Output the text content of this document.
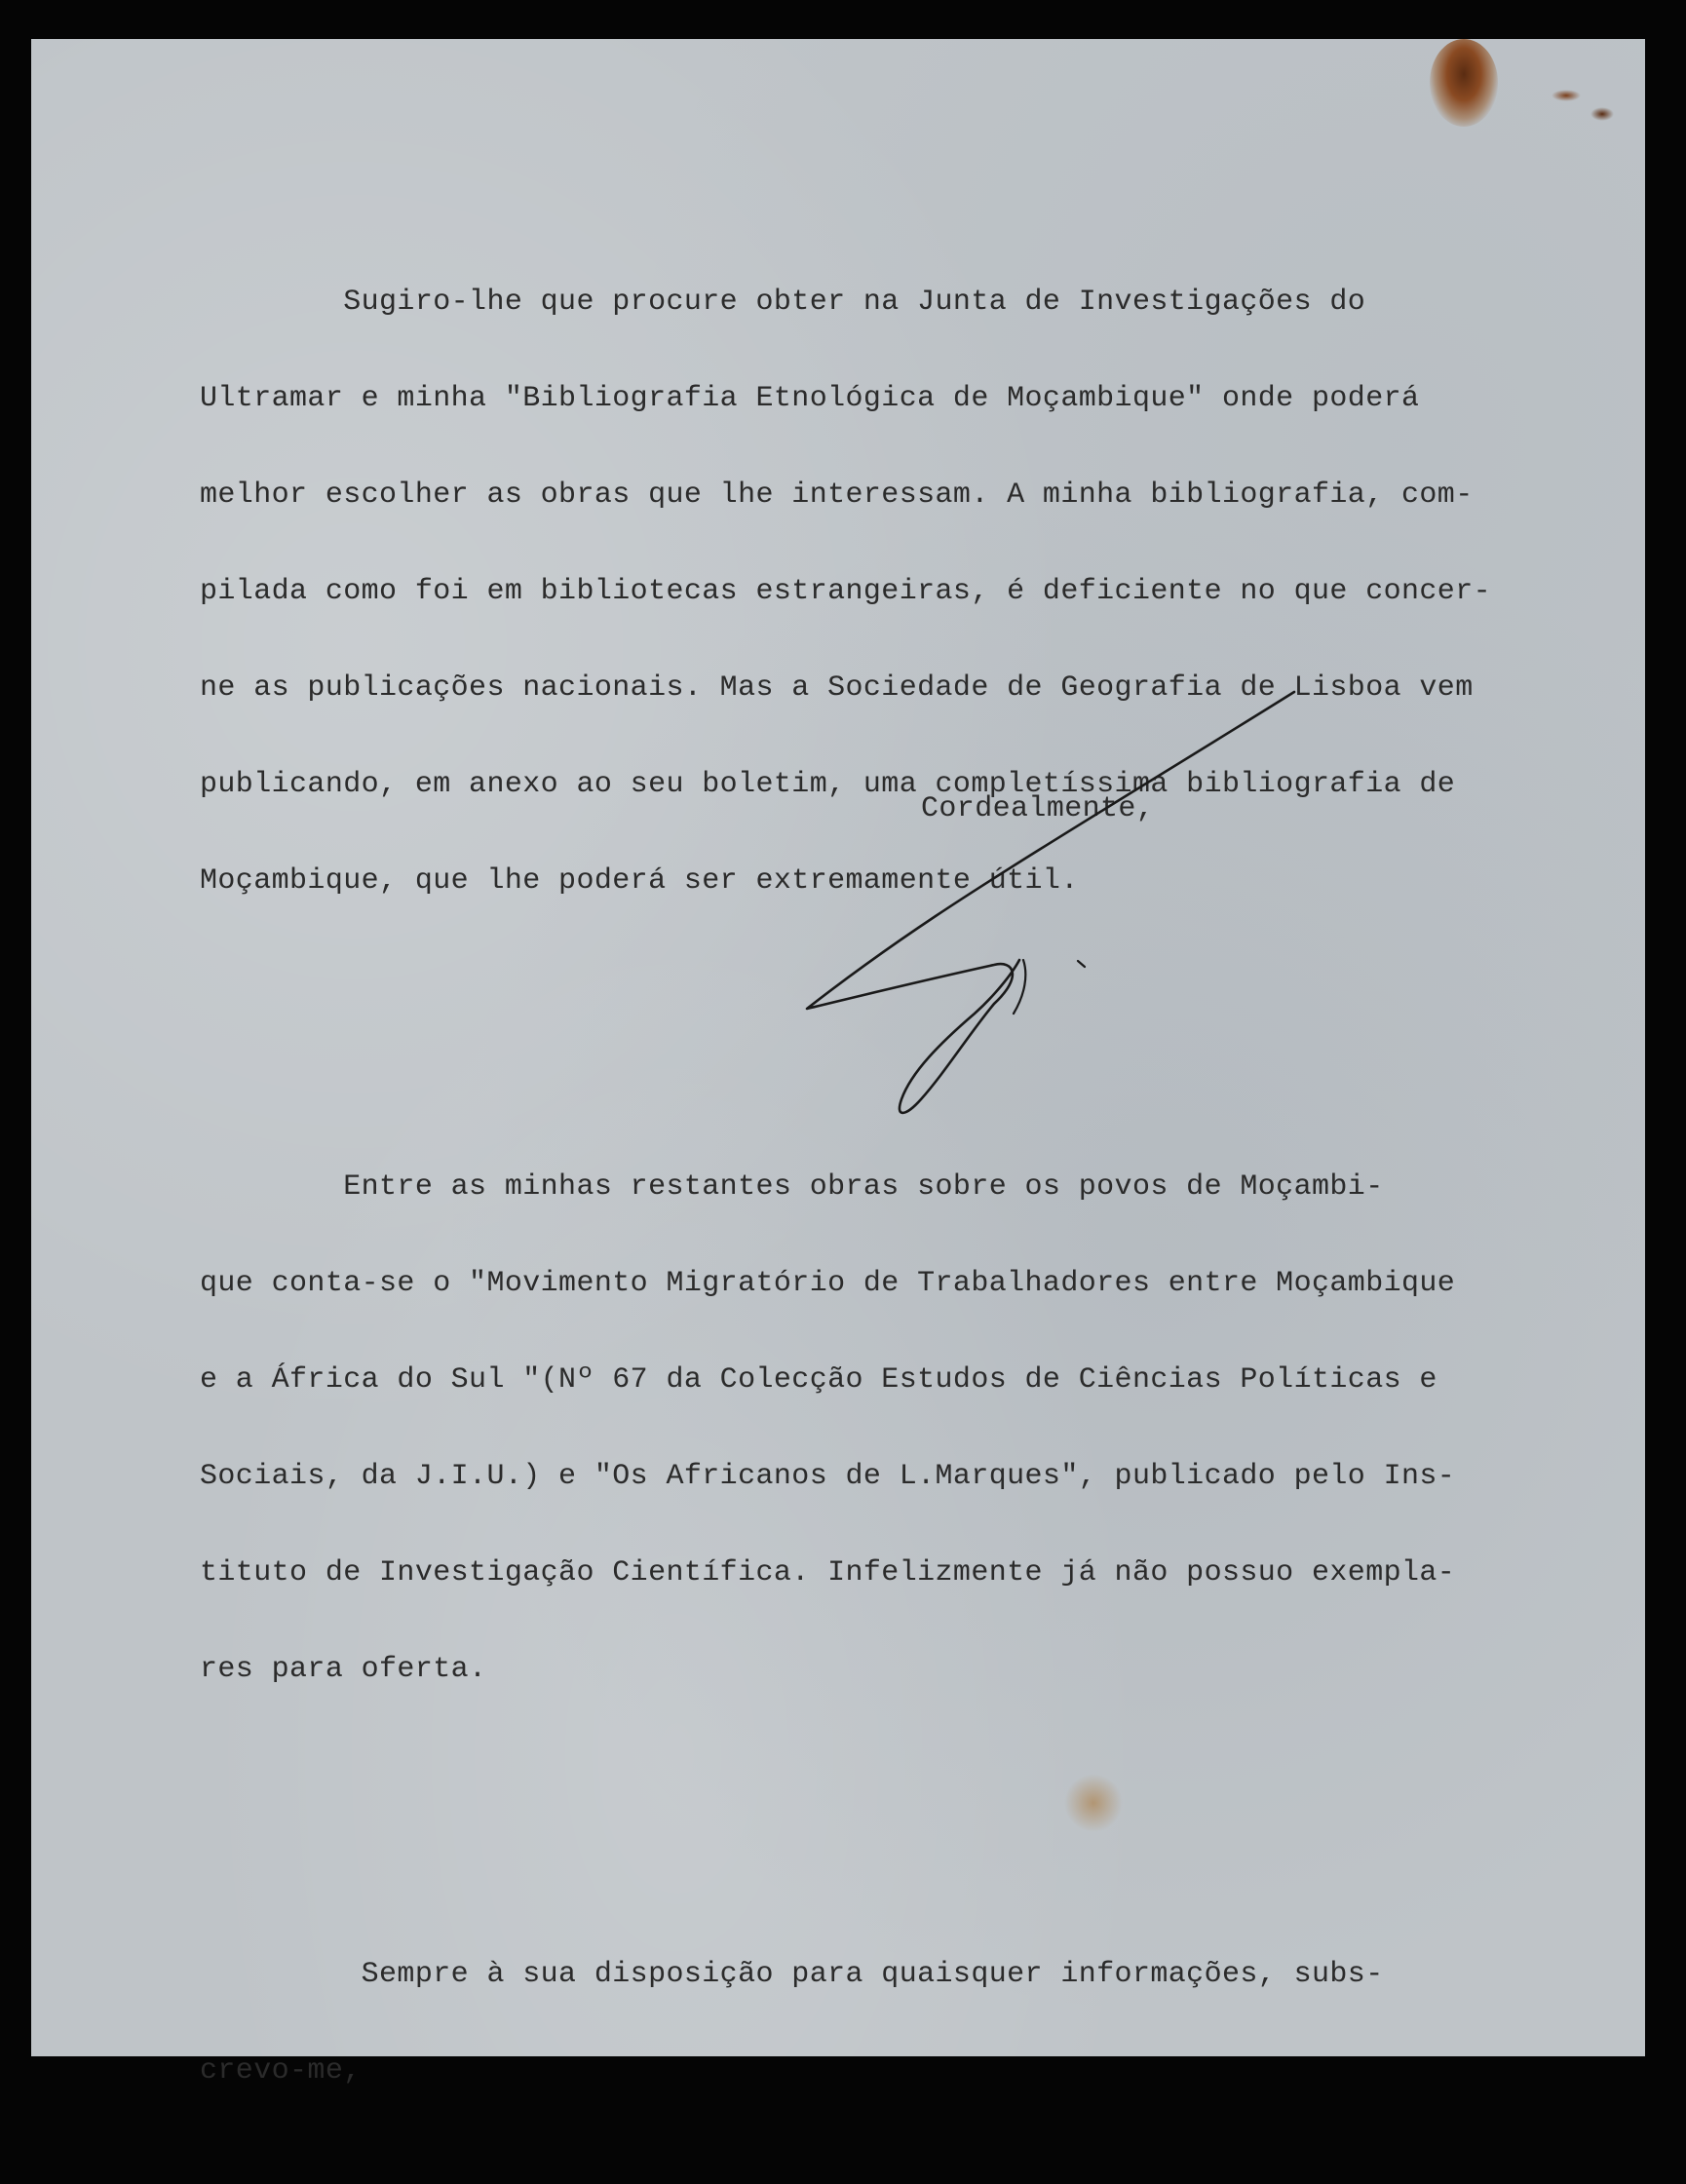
Sugiro-lhe que procure obter na Junta de Investigações do

Ultramar e minha "Bibliografia Etnológica de Moçambique" onde poderá

melhor escolher as obras que lhe interessam. A minha bibliografia, com-

pilada como foi em bibliotecas estrangeiras, é deficiente no que concer-

ne as publicações nacionais. Mas a Sociedade de Geografia de Lisboa vem

publicando, em anexo ao seu boletim, uma completíssima bibliografia de

Moçambique, que lhe poderá ser extremamente útil.

Entre as minhas restantes obras sobre os povos de Moçambi-

que conta-se o "Movimento Migratório de Trabalhadores entre Moçambique

e a África do Sul "(Nº 67 da Colecção Estudos de Ciências Políticas e

Sociais, da J.I.U.) e "Os Africanos de L.Marques", publicado pelo Ins-

tituto de Investigação Científica. Infelizmente já não possuo exempla-

res para oferta.

Sempre à sua disposição para quaisquer informações, subs-

crevo-me,

Cordealmente,
